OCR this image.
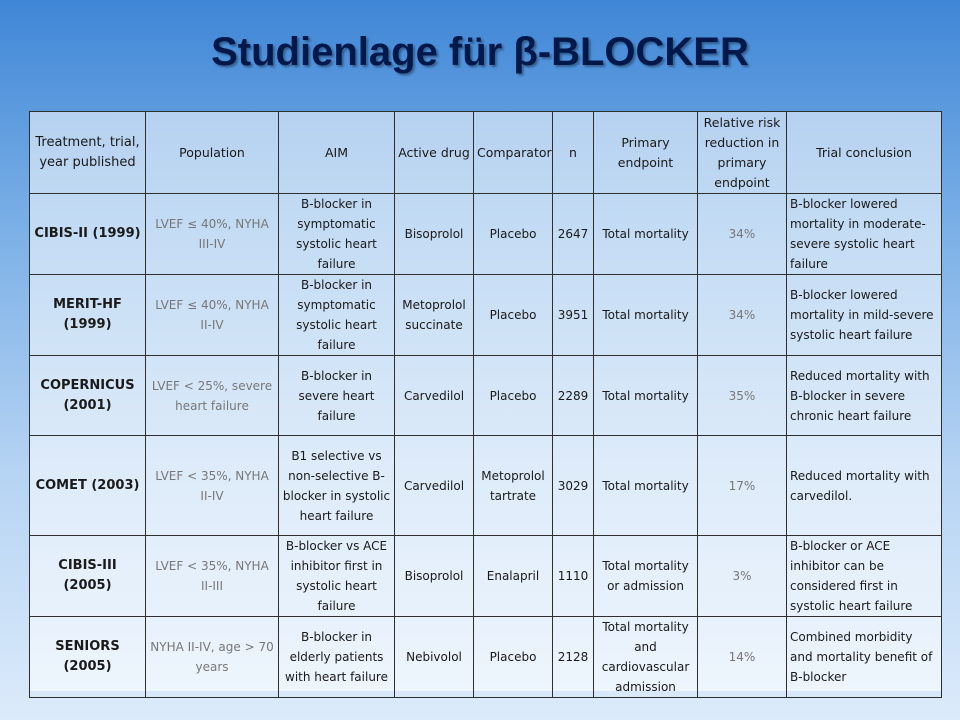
Studienlage für β-BLOCKER
Treatment, trial, year published	Population	AIM	Active drug	Comparator	n	Primary endpoint	Relative risk reduction in primary endpoint	Trial conclusion
CIBIS-II (1999)	LVEF ≤ 40%, NYHA III-IV	B-blocker in symptomatic systolic heart failure	Bisoprolol	Placebo	2647	Total mortality	34%	B-blocker lowered mortality in moderate-severe systolic heart failure
MERIT-HF (1999)	LVEF ≤ 40%, NYHA II-IV	B-blocker in symptomatic systolic heart failure	Metoprolol succinate	Placebo	3951	Total mortality	34%	B-blocker lowered mortality in mild-severe systolic heart failure
COPERNICUS (2001)	LVEF < 25%, severe heart failure	B-blocker in severe heart failure	Carvedilol	Placebo	2289	Total mortality	35%	Reduced mortality with B-blocker in severe chronic heart failure
COMET (2003)	LVEF < 35%, NYHA II-IV	B1 selective vs non-selective B-blocker in systolic heart failure	Carvedilol	Metoprolol tartrate	3029	Total mortality	17%	Reduced mortality with carvedilol.
CIBIS-III (2005)	LVEF < 35%, NYHA II-III	B-blocker vs ACE inhibitor first in systolic heart failure	Bisoprolol	Enalapril	1110	Total mortality or admission	3%	B-blocker or ACE inhibitor can be considered first in systolic heart failure
SENIORS (2005)	NYHA II-IV, age > 70 years	B-blocker in elderly patients with heart failure	Nebivolol	Placebo	2128	Total mortality and cardiovascular admission	14%	Combined morbidity and mortality benefit of B-blocker
